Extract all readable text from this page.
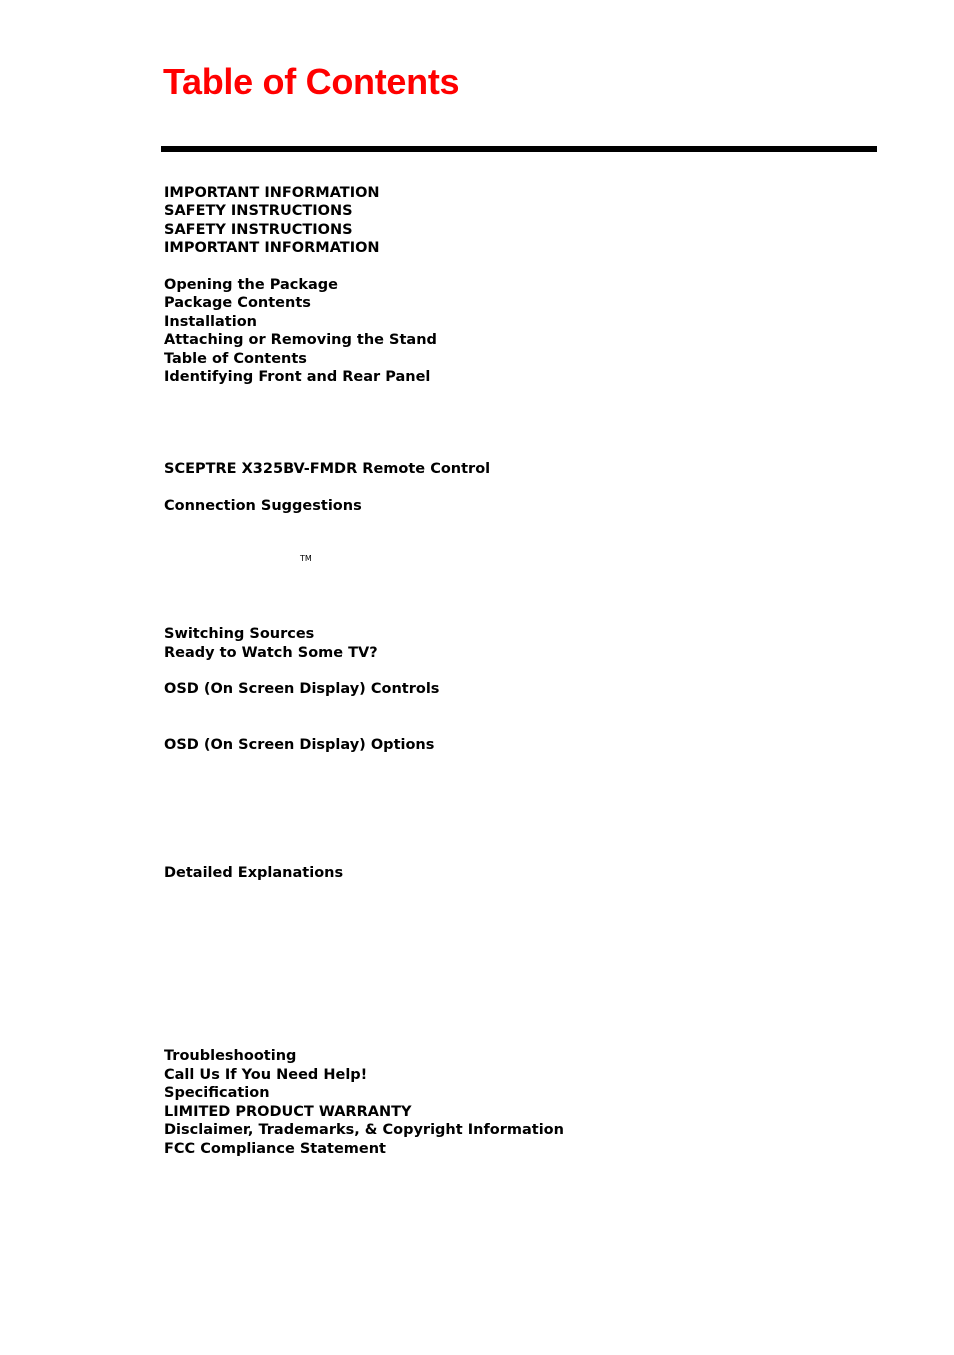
Table of Contents

IMPORTANT INFORMATION

SAFETY INSTRUCTIONS

SAFETY INSTRUCTIONS

IMPORTANT INFORMATION

Opening the Package

Package Contents

Installation

Attaching or Removing the Stand

Table of Contents

Identifying Front and Rear Panel

SCEPTRE X325BV-FMDR Remote Control

Connection Suggestions

TM

Switching Sources

Ready to Watch Some TV?

OSD (On Screen Display) Controls

OSD (On Screen Display) Options

Detailed Explanations

Troubleshooting

Call Us If You Need Help!

Specification

LIMITED PRODUCT WARRANTY

Disclaimer, Trademarks, & Copyright Information

FCC Compliance Statement
